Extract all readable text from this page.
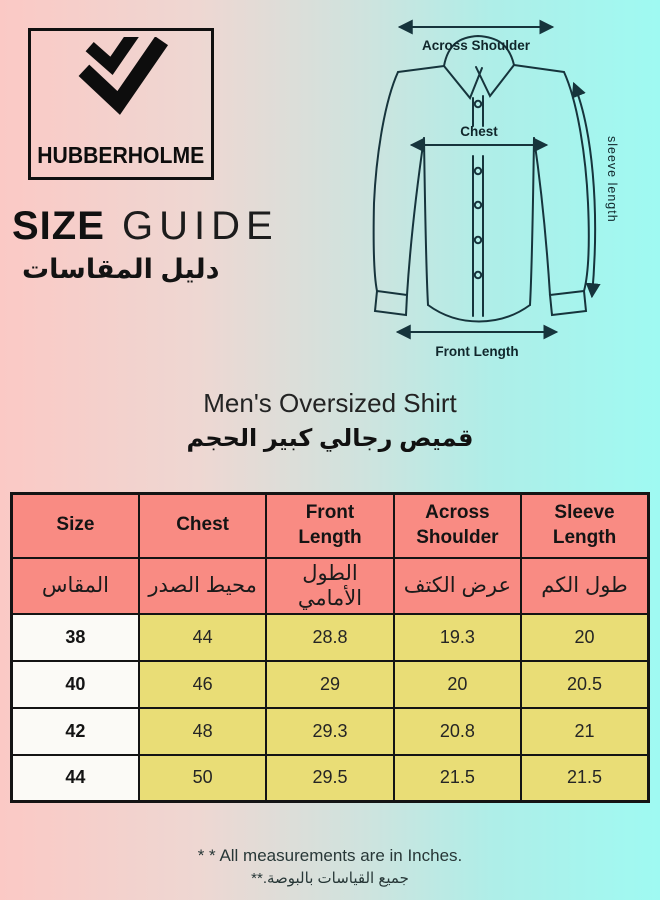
HUBBERHOLME
SIZE GUIDE
دليل المقاسات
Across Shoulder
Chest
Front Length
sleeve length
Men's Oversized Shirt
قميص رجالي كبير الحجم
Size	Chest	Front Length	Across Shoulder	Sleeve Length
المقاس	محيط الصدر	الطول الأمامي	عرض الكتف	طول الكم
38	44	28.8	19.3	20
40	46	29	20	20.5
42	48	29.3	20.8	21
44	50	29.5	21.5	21.5
* * All measurements are in Inches.
جميع القياسات بالبوصة.**
